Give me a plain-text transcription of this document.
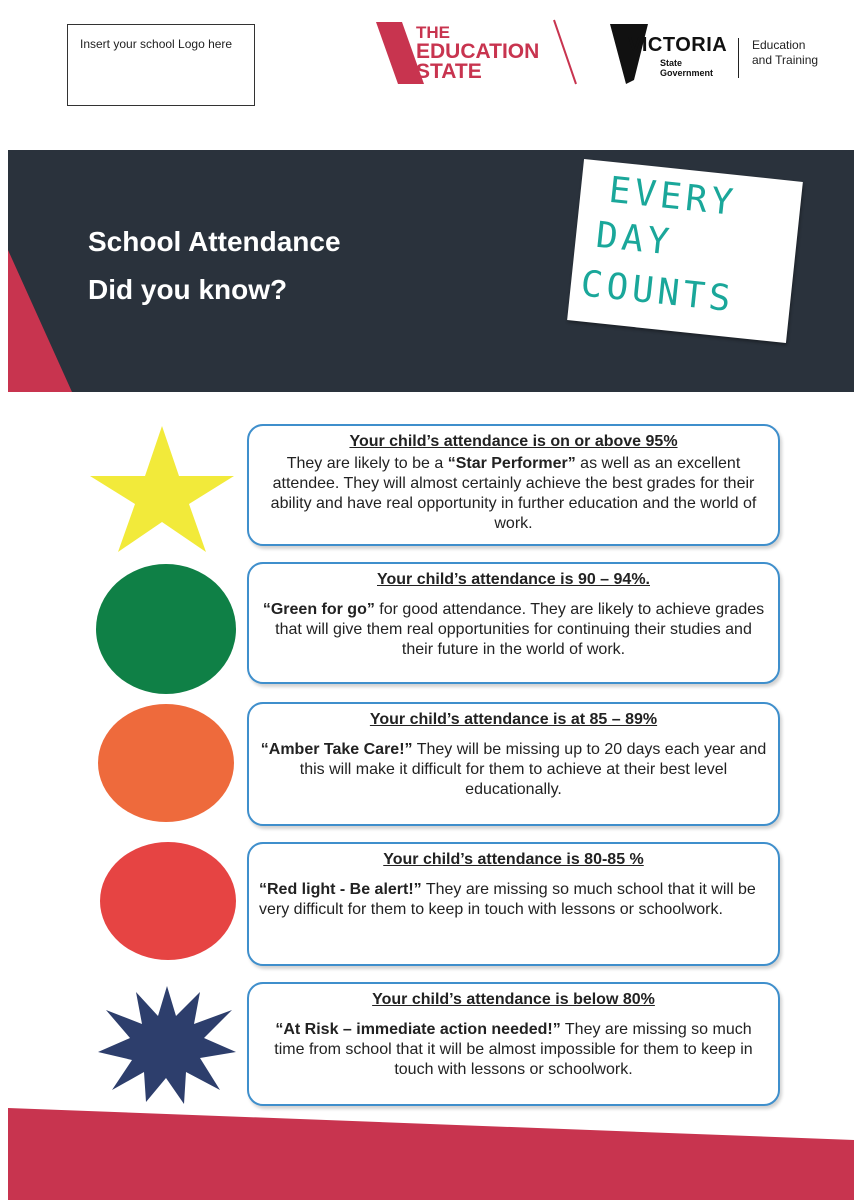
Insert your school Logo here
THE
EDUCATION
STATE
VICTORIA
State
Government
Education
and Training
School Attendance
Did you know?
EVERY
DAY
COUNTS
Your child’s attendance is on or above 95%
They are likely to be a “Star Performer” as well as an excellent attendee. They will almost certainly achieve the best grades for their ability and have real opportunity in further education and the world of work.
Your child’s attendance is 90 – 94%.
“Green for go” for good attendance. They are likely to achieve grades that will give them real opportunities for continuing their studies and their future in the world of work.
Your child’s attendance is at 85 – 89%
“Amber Take Care!” They will be missing up to 20 days each year and this will make it difficult for them to achieve at their best level educationally.
Your child’s attendance is 80-85 %
“Red light - Be alert!” They are missing so much school that it will be very difficult for them to keep in touch with lessons or schoolwork.
Your child’s attendance is below 80%
“At Risk – immediate action needed!” They are missing so much time from school that it will be almost impossible for them to keep in touch with lessons or schoolwork.
